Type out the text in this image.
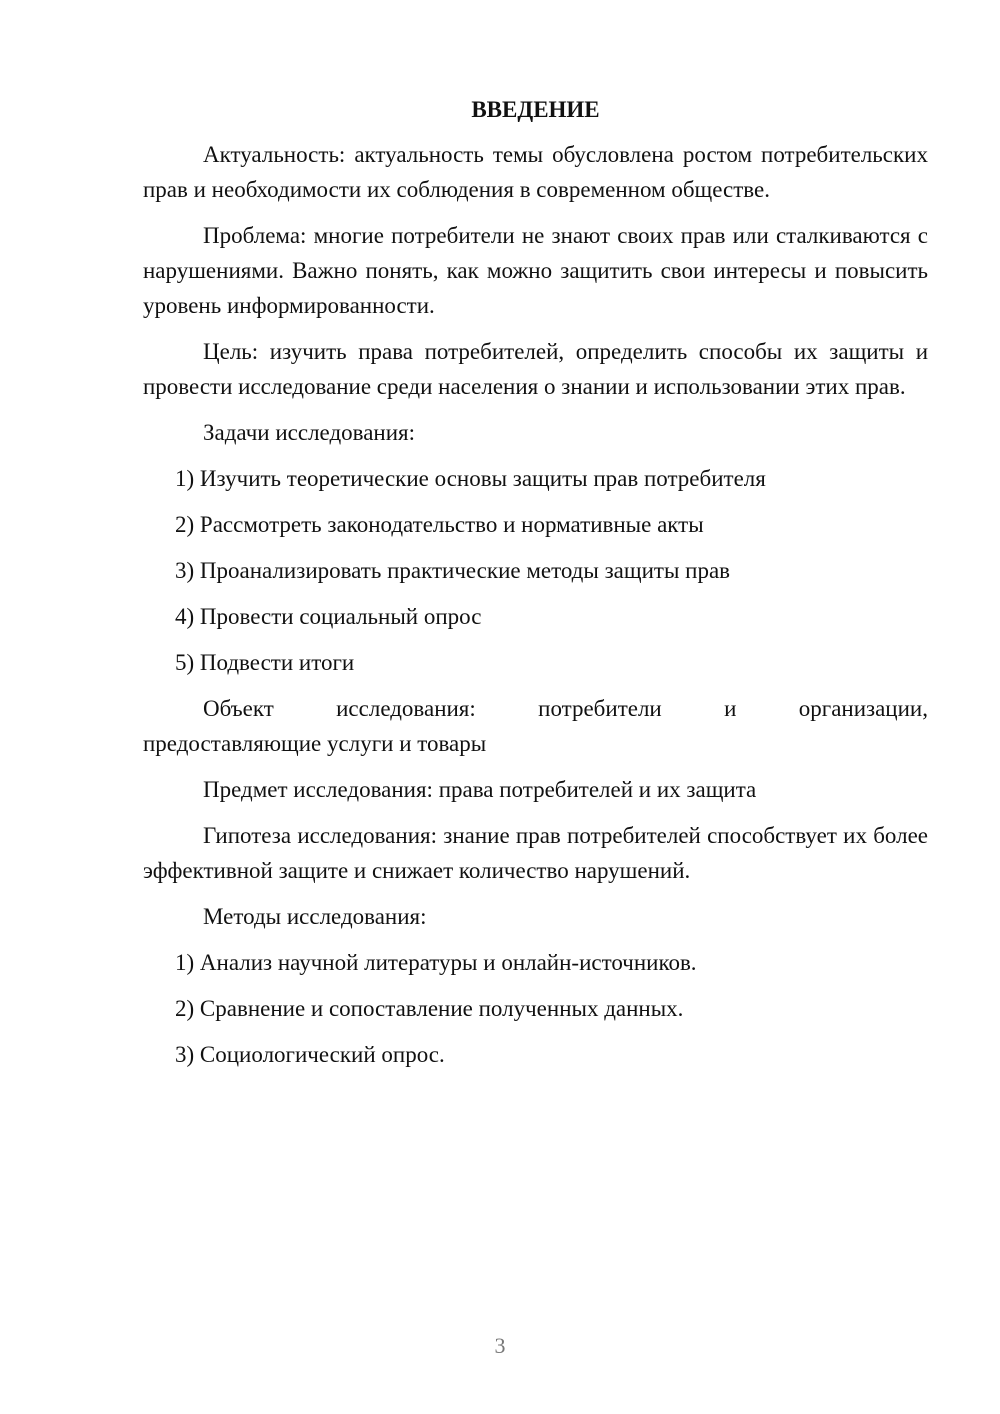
ВВЕДЕНИЕ

Актуальность: актуальность темы обусловлена ростом потребительских прав и необходимости их соблюдения в современном обществе.

Проблема: многие потребители не знают своих прав или сталкиваются с нарушениями. Важно понять, как можно защитить свои интересы и повысить уровень информированности.

Цель: изучить права потребителей, определить способы их защиты и провести исследование среди населения о знании и использовании этих прав.

Задачи исследования:

1) Изучить теоретические основы защиты прав потребителя
2) Рассмотреть законодательство и нормативные акты
3) Проанализировать практические методы защиты прав
4) Провести социальный опрос
5) Подвести итоги

Объект исследования: потребители и организации,

предоставляющие услуги и товары

Предмет исследования: права потребителей и их защита

Гипотеза исследования: знание прав потребителей способствует их более эффективной защите и снижает количество нарушений.

Методы исследования:

1) Анализ научной литературы и онлайн-источников.
2) Сравнение и сопоставление полученных данных.
3) Социологический опрос.
3
